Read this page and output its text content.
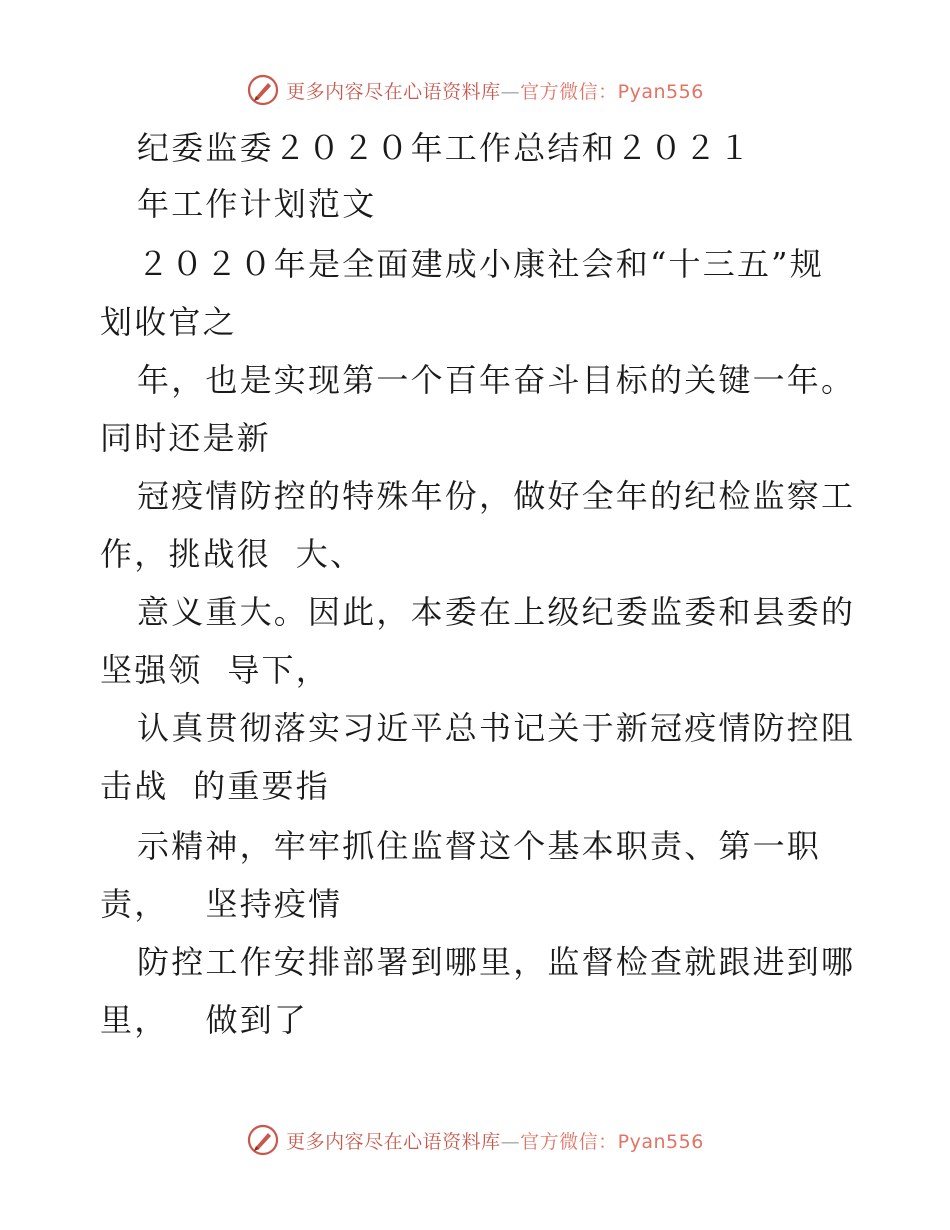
更多内容尽在心语资料库—官方微信：Pyan556
纪委监委２０２０年工作总结和２０２１
年工作计划范文
２０２０年是全面建成小康社会和“十三五”规
划收官之
年，也是实现第一个百年奋斗目标的关键一年。
同时还是新
冠疫情防控的特殊年份，做好全年的纪检监察工
作，挑战很  大、
意义重大。因此，本委在上级纪委监委和县委的
坚强领  导下，
认真贯彻落实习近平总书记关于新冠疫情防控阻
击战  的重要指
示精神，牢牢抓住监督这个基本职责、第一职
责，   坚持疫情
防控工作安排部署到哪里，监督检查就跟进到哪
里，   做到了
更多内容尽在心语资料库—官方微信：Pyan556
